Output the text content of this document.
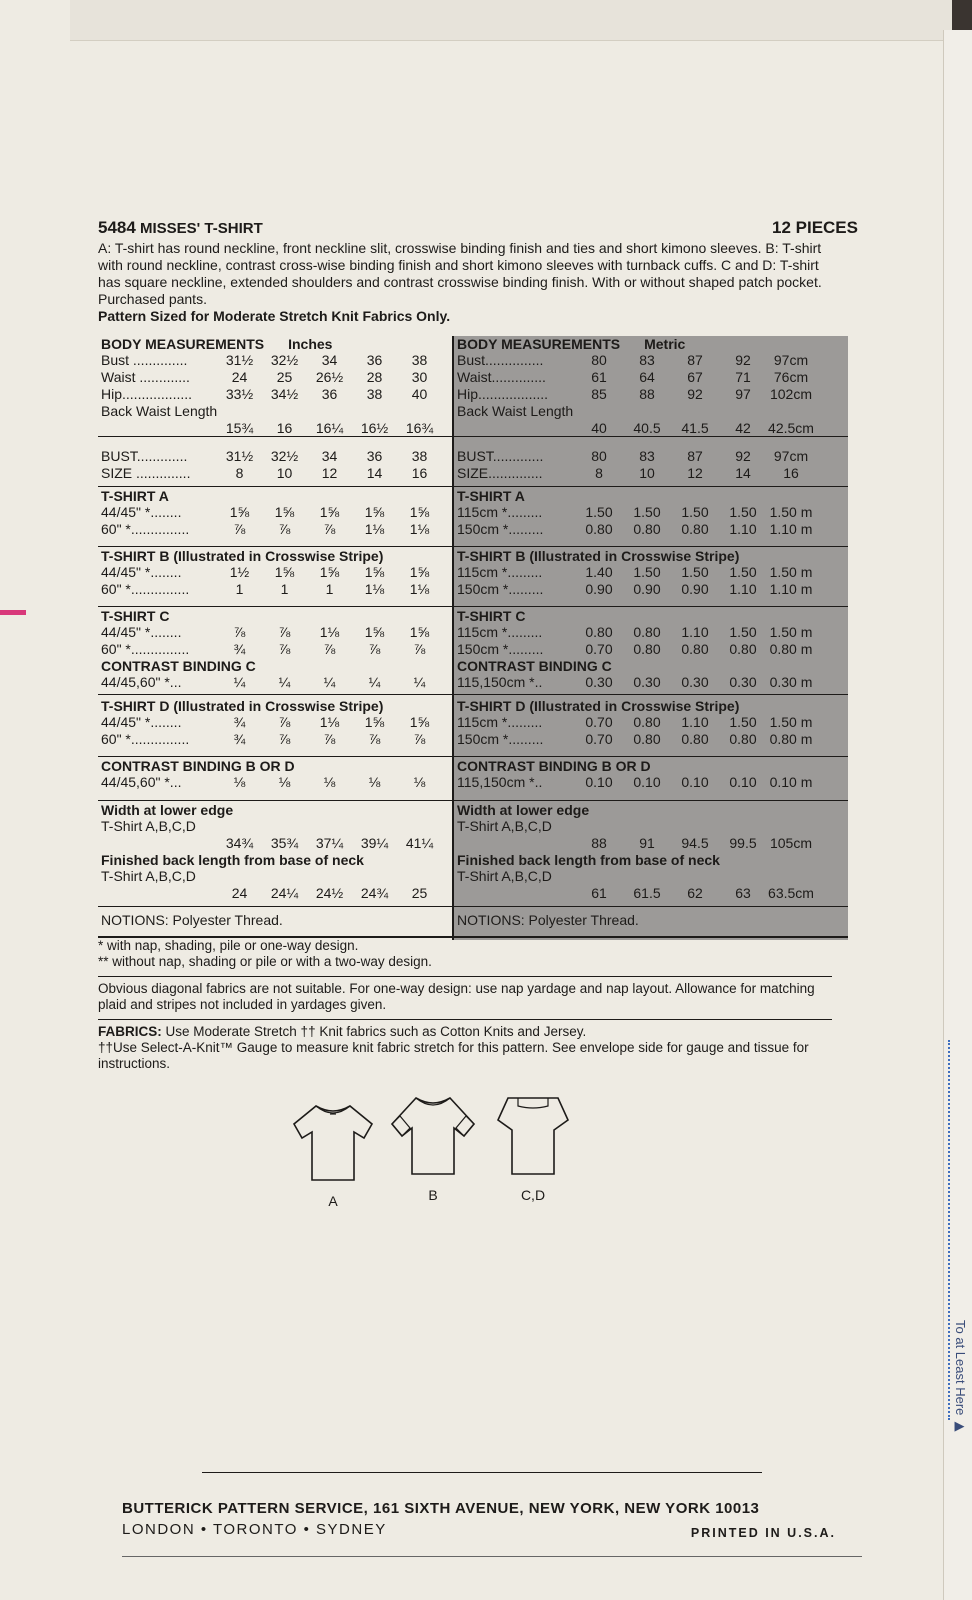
5484 MISSES' T-SHIRT	12 PIECES
A: T-shirt has round neckline, front neckline slit, crosswise binding finish and ties and short kimono sleeves. B: T-shirt with round neckline, contrast cross-wise binding finish and short kimono sleeves with turnback cuffs. C and D: T-shirt has square neckline, extended shoulders and contrast crosswise binding finish. With or without shaped patch pocket. Purchased pants.
Pattern Sized for Moderate Stretch Knit Fabrics Only.
BODY MEASUREMENTS Inches
Bust ..............	31½	32½	34	36	38
Waist .............	24	25	26½	28	30
Hip..................	33½	34½	36	38	40
Back Waist Length
15¾	16	16¼	16½	16¾
BUST.............	31½	32½	34	36	38
SIZE ..............	8	10	12	14	16
T-SHIRT A
44/45" *........	1⅝	1⅝	1⅝	1⅝	1⅝
60" *...............	⅞	⅞	⅞	1⅛	1⅛
T-SHIRT B (Illustrated in Crosswise Stripe)
44/45" *........	1½	1⅝	1⅝	1⅝	1⅝
60" *...............	1	1	1	1⅛	1⅛
T-SHIRT C
44/45" *........	⅞	⅞	1⅛	1⅝	1⅝
60" *...............	¾	⅞	⅞	⅞	⅞
CONTRAST BINDING C
44/45,60" *...	¼	¼	¼	¼	¼
T-SHIRT D (Illustrated in Crosswise Stripe)
44/45" *........	¾	⅞	1⅛	1⅝	1⅝
60" *...............	¾	⅞	⅞	⅞	⅞
CONTRAST BINDING B OR D
44/45,60" *...	⅛	⅛	⅛	⅛	⅛
Width at lower edge
T-Shirt A,B,C,D
34¾	35¾	37¼	39¼	41¼
Finished back length from base of neck
T-Shirt A,B,C,D
24	24¼	24½	24¾	25
NOTIONS: Polyester Thread.
BODY MEASUREMENTS Metric
Bust...............	80	83	87	92	97cm
Waist..............	61	64	67	71	76cm
Hip..................	85	88	92	97	102cm
Back Waist Length
40	40.5	41.5	42	42.5cm
BUST.............	80	83	87	92	97cm
SIZE..............	8	10	12	14	16
T-SHIRT A
115cm *.........	1.50	1.50	1.50	1.50 1.50 m
150cm *.........	0.80	0.80	0.80	1.10 1.10 m
T-SHIRT B (Illustrated in Crosswise Stripe)
115cm *.........	1.40	1.50	1.50	1.50 1.50 m
150cm *.........	0.90	0.90	0.90	1.10 1.10 m
T-SHIRT C
115cm *.........	0.80	0.80	1.10	1.50 1.50 m
150cm *.........	0.70	0.80	0.80	0.80 0.80 m
CONTRAST BINDING C
115,150cm *..	0.30	0.30	0.30	0.30 0.30 m
T-SHIRT D (Illustrated in Crosswise Stripe)
115cm *.........	0.70	0.80	1.10	1.50 1.50 m
150cm *.........	0.70	0.80	0.80	0.80 0.80 m
CONTRAST BINDING B OR D
115,150cm *..	0.10	0.10	0.10	0.10 0.10 m
Width at lower edge
T-Shirt A,B,C,D
88	91	94.5	99.5 105cm
Finished back length from base of neck
T-Shirt A,B,C,D
61	61.5	62	63	63.5cm
NOTIONS: Polyester Thread.
* with nap, shading, pile or one-way design.
** without nap, shading or pile or with a two-way design.
Obvious diagonal fabrics are not suitable. For one-way design: use nap yardage and nap layout. Allowance for matching plaid and stripes not included in yardages given.
FABRICS: Use Moderate Stretch †† Knit fabrics such as Cotton Knits and Jersey.
††Use Select-A-Knit™ Gauge to measure knit fabric stretch for this pattern. See envelope side for gauge and tissue for instructions.
A	B	C,D
BUTTERICK PATTERN SERVICE, 161 SIXTH AVENUE, NEW YORK, NEW YORK 10013
LONDON • TORONTO • SYDNEY	PRINTED IN U.S.A.
To at Least Here ▶
